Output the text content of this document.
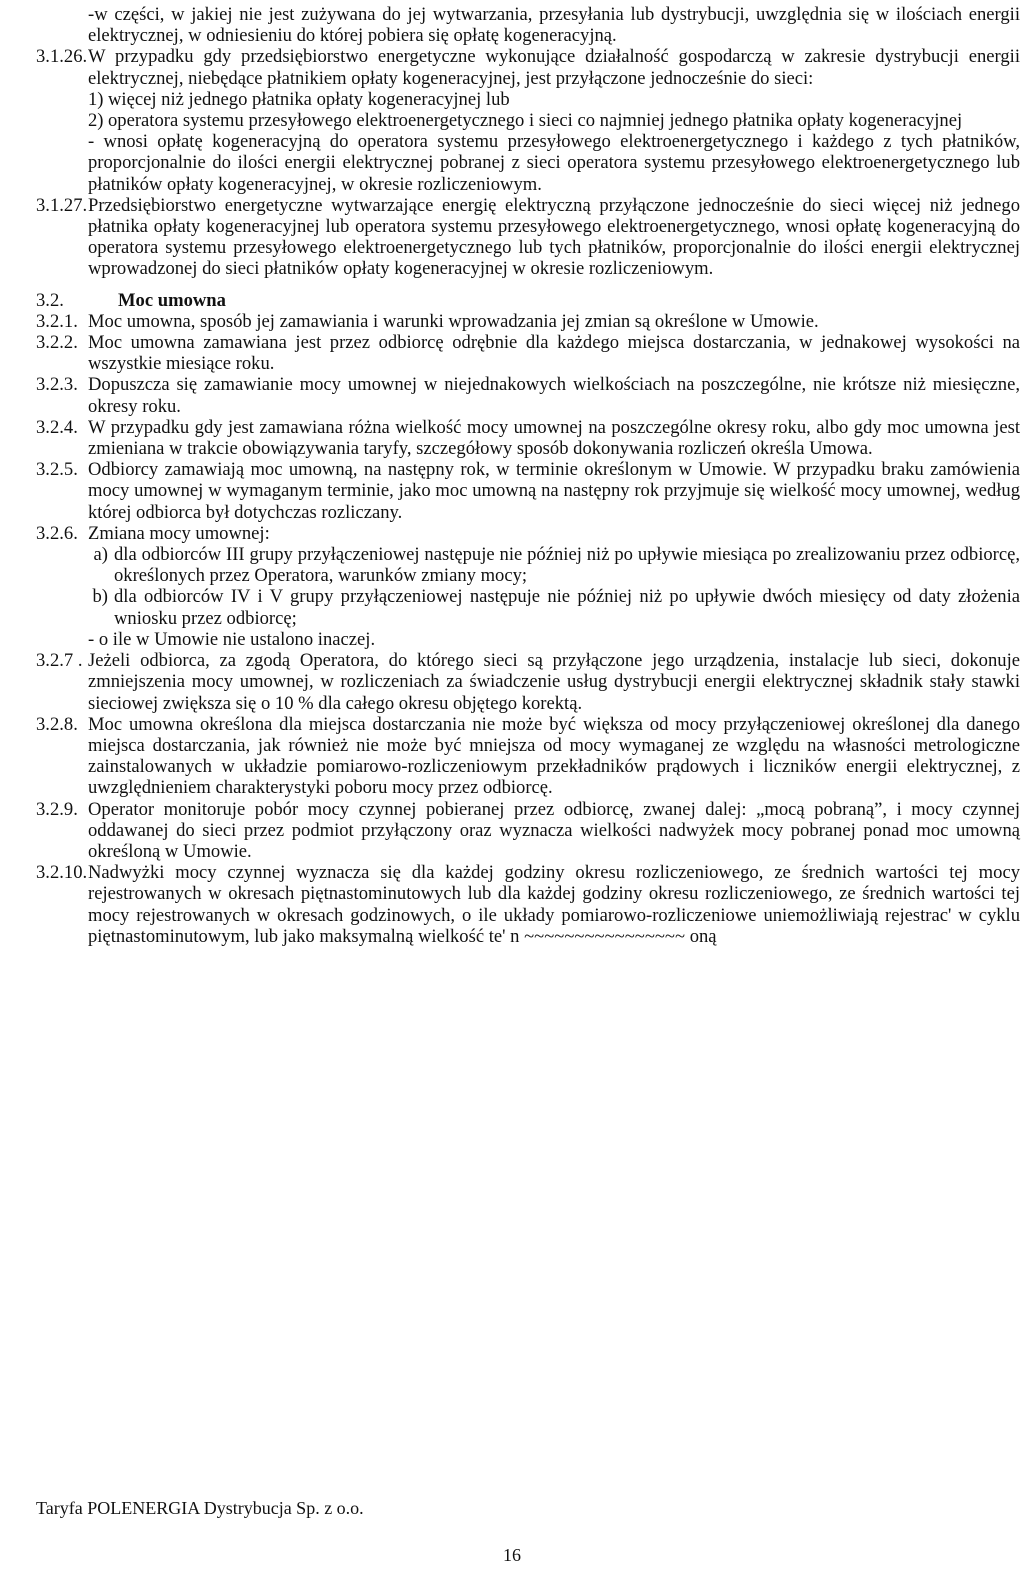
-w części, w jakiej nie jest zużywana do jej wytwarzania, przesyłania lub dystrybucji, uwzględnia się w ilościach energii elektrycznej, w odniesieniu do której pobiera się opłatę kogeneracyjną.
3.1.26. W przypadku gdy przedsiębiorstwo energetyczne wykonujące działalność gospodarczą w zakresie dystrybucji energii elektrycznej, niebędące płatnikiem opłaty kogeneracyjnej, jest przyłączone jednocześnie do sieci:
1) więcej niż jednego płatnika opłaty kogeneracyjnej lub
2) operatora systemu przesyłowego elektroenergetycznego i sieci co najmniej jednego płatnika opłaty kogeneracyjnej
- wnosi opłatę kogeneracyjną do operatora systemu przesyłowego elektroenergetycznego i każdego z tych płatników, proporcjonalnie do ilości energii elektrycznej pobranej z sieci operatora systemu przesyłowego elektroenergetycznego lub płatników opłaty kogeneracyjnej, w okresie rozliczeniowym.
3.1.27. Przedsiębiorstwo energetyczne wytwarzające energię elektryczną przyłączone jednocześnie do sieci więcej niż jednego płatnika opłaty kogeneracyjnej lub operatora systemu przesyłowego elektroenergetycznego, wnosi opłatę kogeneracyjną do operatora systemu przesyłowego elektroenergetycznego lub tych płatników, proporcjonalnie do ilości energii elektrycznej wprowadzonej do sieci płatników opłaty kogeneracyjnej w okresie rozliczeniowym.
3.2.	Moc umowna
3.2.1. Moc umowna, sposób jej zamawiania i warunki wprowadzania jej zmian są określone w Umowie.
3.2.2. Moc umowna zamawiana jest przez odbiorcę odrębnie dla każdego miejsca dostarczania, w jednakowej wysokości na wszystkie miesiące roku.
3.2.3. Dopuszcza się zamawianie mocy umownej w niejednakowych wielkościach na poszczególne, nie krótsze niż miesięczne, okresy roku.
3.2.4. W przypadku gdy jest zamawiana różna wielkość mocy umownej na poszczególne okresy roku, albo gdy moc umowna jest zmieniana w trakcie obowiązywania taryfy, szczegółowy sposób dokonywania rozliczeń określa Umowa.
3.2.5. Odbiorcy zamawiają moc umowną, na następny rok, w terminie określonym w Umowie. W przypadku braku zamówienia mocy umownej w wymaganym terminie, jako moc umowną na następny rok przyjmuje się wielkość mocy umownej, według której odbiorca był dotychczas rozliczany.
3.2.6. Zmiana mocy umownej:
a) dla odbiorców III grupy przyłączeniowej następuje nie później niż po upływie miesiąca po zrealizowaniu przez odbiorcę, określonych przez Operatora, warunków zmiany mocy;
b) dla odbiorców IV i V grupy przyłączeniowej następuje nie później niż po upływie dwóch miesięcy od daty złożenia wniosku przez odbiorcę;
- o ile w Umowie nie ustalono inaczej.
3.2.7 . Jeżeli odbiorca, za zgodą Operatora, do którego sieci są przyłączone jego urządzenia, instalacje lub sieci, dokonuje zmniejszenia mocy umownej, w rozliczeniach za świadczenie usług dystrybucji energii elektrycznej składnik stały stawki sieciowej zwiększa się o 10 % dla całego okresu objętego korektą.
3.2.8. Moc umowna określona dla miejsca dostarczania nie może być większa od mocy przyłączeniowej określonej dla danego miejsca dostarczania, jak również nie może być mniejsza od mocy wymaganej ze względu na własności metrologiczne zainstalowanych w układzie pomiarowo-rozliczeniowym przekładników prądowych i liczników energii elektrycznej, z uwzględnieniem charakterystyki poboru mocy przez odbiorcę.
3.2.9. Operator monitoruje pobór mocy czynnej pobieranej przez odbiorcę, zwanej dalej: „mocą pobraną”, i mocy czynnej oddawanej do sieci przez podmiot przyłączony oraz wyznacza wielkości nadwyżek mocy pobranej ponad moc umowną określoną w Umowie.
3.2.10. Nadwyżki mocy czynnej wyznacza się dla każdej godziny okresu rozliczeniowego, ze średnich wartości tej mocy rejestrowanych w okresach piętnastominutowych lub dla każdej godziny okresu rozliczeniowego, ze średnich wartości tej mocy rejestrowanych w okresach godzinowych, o ile układy pomiarowo-rozliczeniowe uniemożliwiają rejestrac' w cyklu piętnastominutowym, lub jako maksymalną wielkość te' n ~~~~~~~~~~~~~~~~ oną
Taryfa POLENERGIA Dystrybucja Sp. z o.o.
16
